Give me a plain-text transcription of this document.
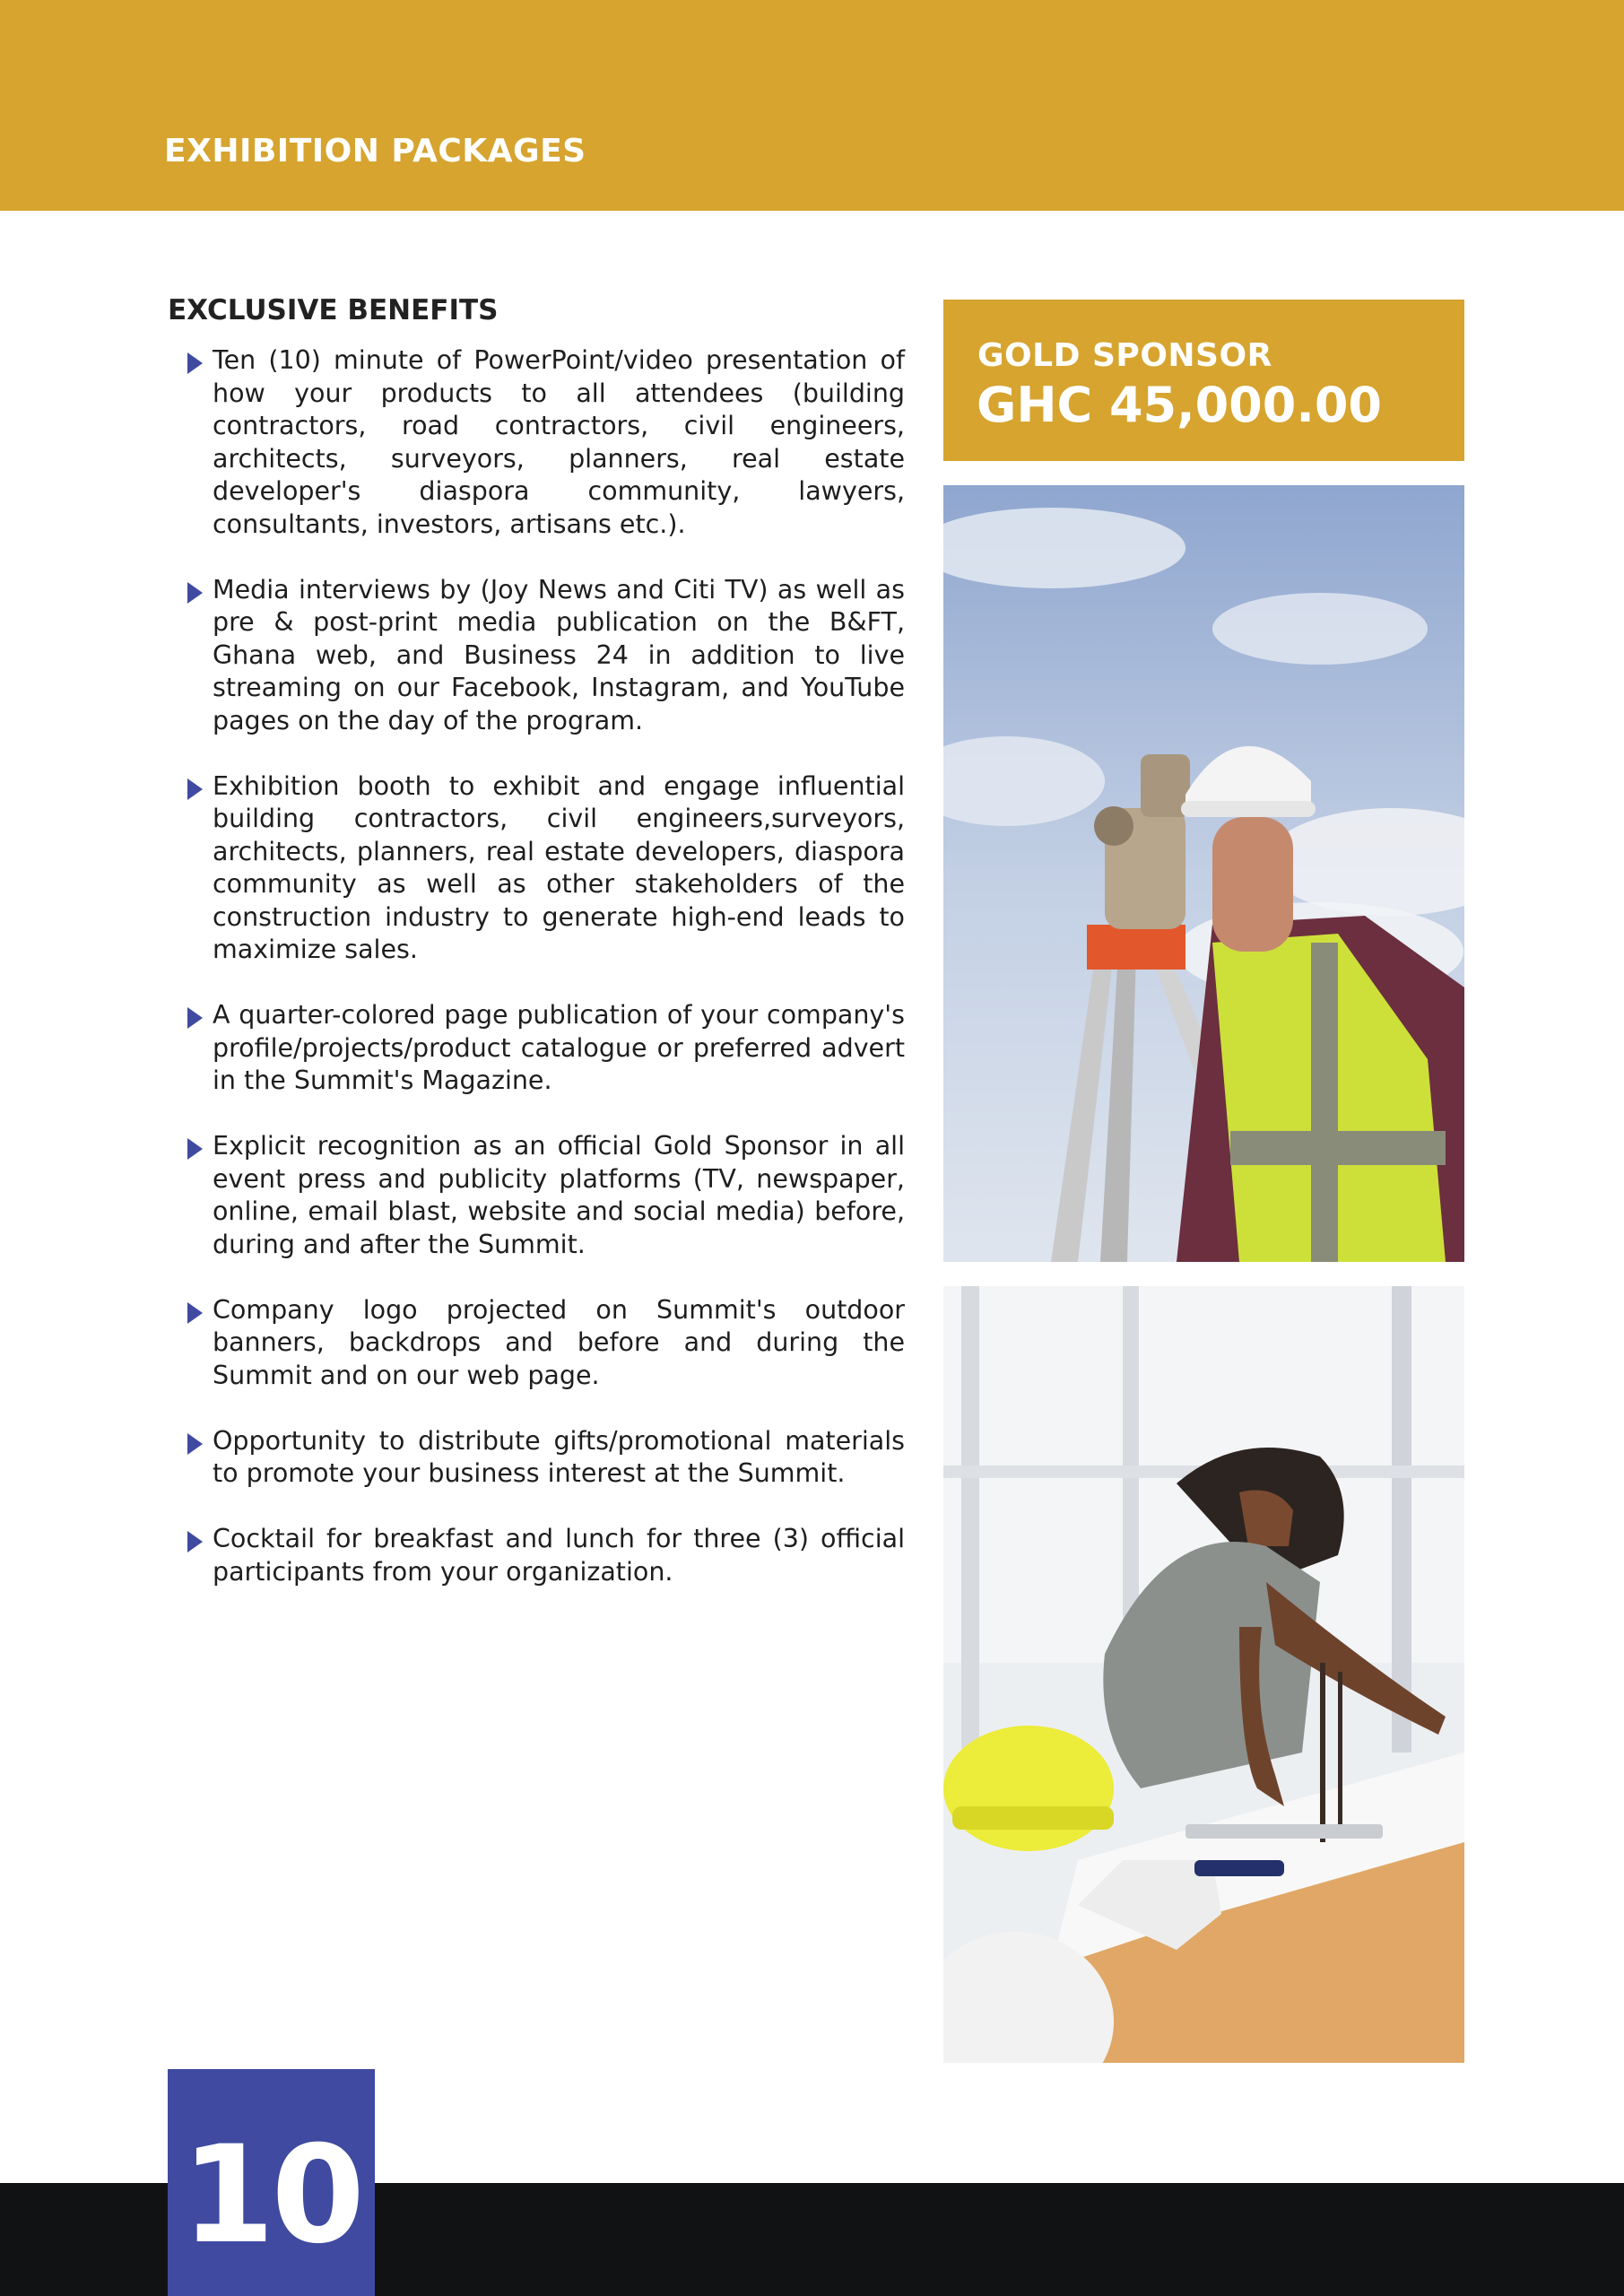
EXHIBITION PACKAGES
EXCLUSIVE BENEFITS
Ten (10) minute of PowerPoint/video presentation of how your products to all attendees (building contractors, road contractors, civil engineers, architects, surveyors, planners, real estate developer's diaspora community, lawyers, consultants, investors, artisans etc.).
Media interviews by (Joy News and Citi TV) as well as pre & post-print media publication on the B&FT, Ghana web, and Business 24 in addition to live streaming on our Facebook, Instagram, and YouTube pages on the day of the program.
Exhibition booth to exhibit and engage influential building contractors, civil engineers,surveyors, architects, planners, real estate developers, diaspora community as well as other stakeholders of the construction industry to generate high-end leads to maximize sales.
A quarter-colored page publication of your company's profile/projects/product catalogue or preferred advert in the Summit's Magazine.
Explicit recognition as an official Gold Sponsor in all event press and publicity platforms (TV, newspaper, online, email blast, website and social media) before, during and after the Summit.
Company logo projected on Summit's outdoor banners, backdrops and before and during the Summit and on our web page.
Opportunity to distribute gifts/promotional materials to promote your business interest at the Summit.
Cocktail for breakfast and lunch for three (3) official participants from your organization.
GOLD SPONSOR
GHC 45,000.00
10
